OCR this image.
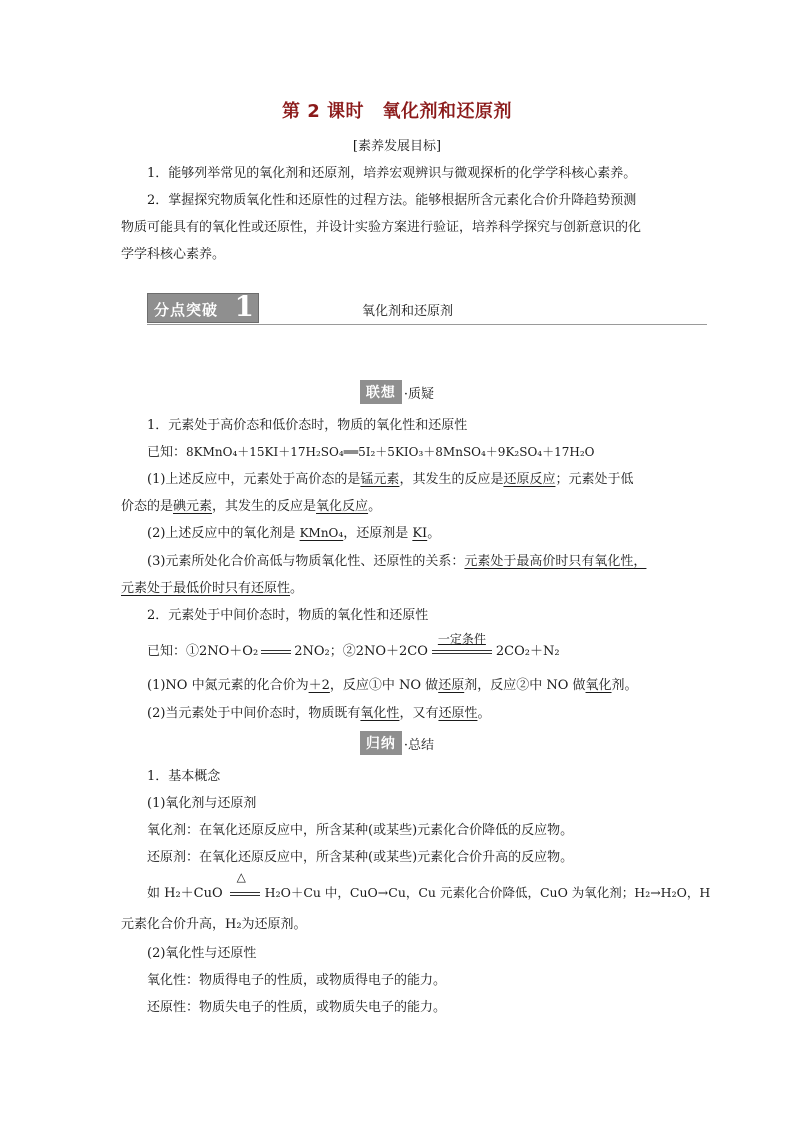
第 2 课时　氧化剂和还原剂
[素养发展目标]
1．能够列举常见的氧化剂和还原剂，培养宏观辨识与微观探析的化学学科核心素养。
2．掌握探究物质氧化性和还原性的过程方法。能够根据所含元素化合价升降趋势预测
物质可能具有的氧化性或还原性，并设计实验方案进行验证，培养科学探究与创新意识的化
学学科核心素养。
分点突破 1	氧化剂和还原剂
联想 ·质疑
1．元素处于高价态和低价态时，物质的氧化性和还原性
已知：8KMnO₄＋15KI＋17H₂SO₄══5I₂＋5KIO₃＋8MnSO₄＋9K₂SO₄＋17H₂O
(1)上述反应中，元素处于高价态的是锰元素，其发生的反应是还原反应；元素处于低
价态的是碘元素，其发生的反应是氧化反应。
(2)上述反应中的氧化剂是 KMnO₄，还原剂是 KI。
(3)元素所处化合价高低与物质氧化性、还原性的关系：元素处于最高价时只有氧化性，
元素处于最低价时只有还原性。
2．元素处于中间价态时，物质的氧化性和还原性
已知：①2NO＋O₂	2NO₂；②2NO＋2CO
一定条件
2CO₂＋N₂
(1)NO 中氮元素的化合价为＋2，反应①中 NO 做还原剂，反应②中 NO 做氧化剂。
(2)当元素处于中间价态时，物质既有氧化性，又有还原性。
归纳 ·总结
1．基本概念
(1)氧化剂与还原剂
氧化剂：在氧化还原反应中，所含某种(或某些)元素化合价降低的反应物。
还原剂：在氧化还原反应中，所含某种(或某些)元素化合价升高的反应物。
如 H₂＋CuO
△
H₂O＋Cu 中，CuO→Cu，Cu 元素化合价降低，CuO 为氧化剂；H₂→H₂O，H
元素化合价升高，H₂为还原剂。
(2)氧化性与还原性
氧化性：物质得电子的性质，或物质得电子的能力。
还原性：物质失电子的性质，或物质失电子的能力。
